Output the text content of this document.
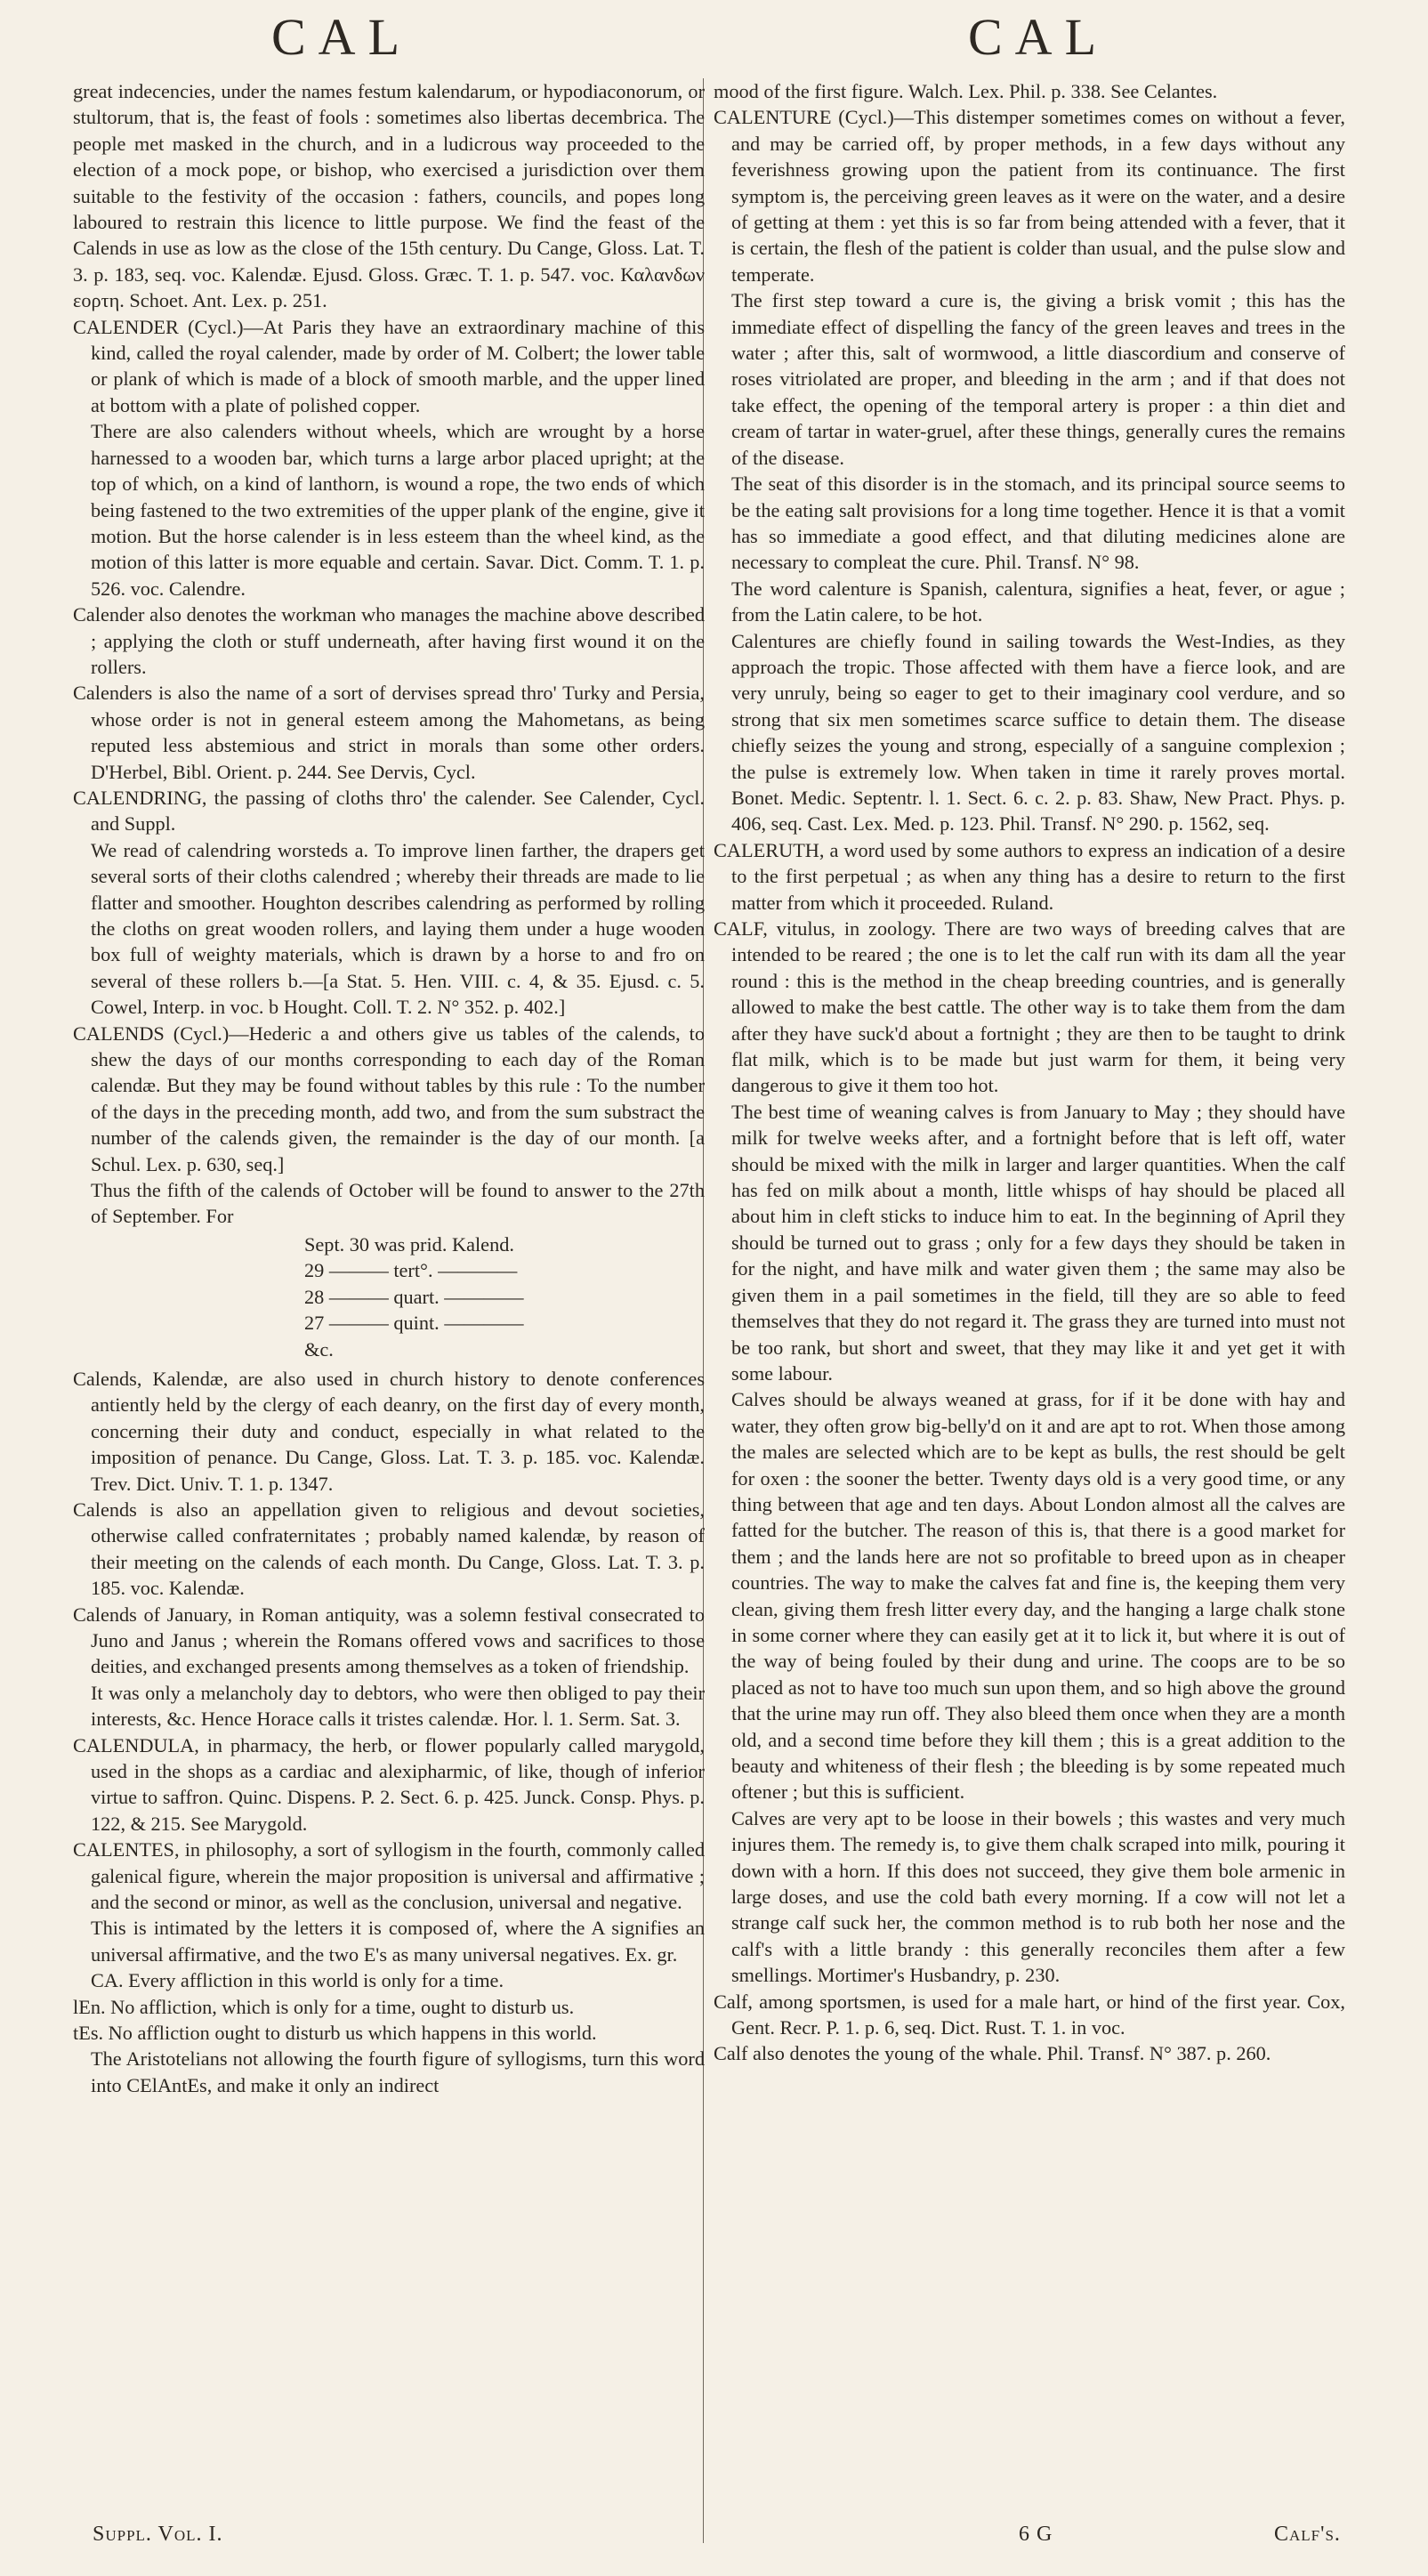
CAL	CAL

great indecencies, under the names festum kalendarum, or hypodiaconorum, or stultorum, that is, the feast of fools : sometimes also libertas decembrica. The people met masked in the church, and in a ludicrous way proceeded to the election of a mock pope, or bishop, who exercised a jurisdiction over them suitable to the festivity of the occasion : fathers, councils, and popes long laboured to restrain this licence to little purpose. We find the feast of the Calends in use as low as the close of the 15th century. Du Cange, Gloss. Lat. T. 3. p. 183, seq. voc. Kalendæ. Ejusd. Gloss. Græc. T. 1. p. 547. voc. Καλανδων εορτη. Schoet. Ant. Lex. p. 251.

CALENDER (Cycl.)—At Paris they have an extraordinary machine of this kind, called the royal calender, made by order of M. Colbert; the lower table or plank of which is made of a block of smooth marble, and the upper lined at bottom with a plate of polished copper.

There are also calenders without wheels, which are wrought by a horse harnessed to a wooden bar, which turns a large arbor placed upright; at the top of which, on a kind of lanthorn, is wound a rope, the two ends of which being fastened to the two extremities of the upper plank of the engine, give it motion. But the horse calender is in less esteem than the wheel kind, as the motion of this latter is more equable and certain. Savar. Dict. Comm. T. 1. p. 526. voc. Calendre.

Calender also denotes the workman who manages the machine above described ; applying the cloth or stuff underneath, after having first wound it on the rollers.

Calenders is also the name of a sort of dervises spread thro' Turky and Persia, whose order is not in general esteem among the Mahometans, as being reputed less abstemious and strict in morals than some other orders. D'Herbel, Bibl. Orient. p. 244. See Dervis, Cycl.

CALENDRING, the passing of cloths thro' the calender. See Calender, Cycl. and Suppl.

We read of calendring worsteds a. To improve linen farther, the drapers get several sorts of their cloths calendred ; whereby their threads are made to lie flatter and smoother. Houghton describes calendring as performed by rolling the cloths on great wooden rollers, and laying them under a huge wooden box full of weighty materials, which is drawn by a horse to and fro on several of these rollers b.—[a Stat. 5. Hen. VIII. c. 4, & 35. Ejusd. c. 5. Cowel, Interp. in voc. b Hought. Coll. T. 2. N° 352. p. 402.]

CALENDS (Cycl.)—Hederic a and others give us tables of the calends, to shew the days of our months corresponding to each day of the Roman calendæ. But they may be found without tables by this rule : To the number of the days in the preceding month, add two, and from the sum substract the number of the calends given, the remainder is the day of our month. [a Schul. Lex. p. 630, seq.]

Thus the fifth of the calends of October will be found to answer to the 27th of September. For

Sept. 30 was prid. Kalend.
29 ——— tert°. ————
28 ——— quart. ————
27 ——— quint. ————
&c.

Calends, Kalendæ, are also used in church history to denote conferences antiently held by the clergy of each deanry, on the first day of every month, concerning their duty and conduct, especially in what related to the imposition of penance. Du Cange, Gloss. Lat. T. 3. p. 185. voc. Kalendæ. Trev. Dict. Univ. T. 1. p. 1347.

Calends is also an appellation given to religious and devout societies, otherwise called confraternitates ; probably named kalendæ, by reason of their meeting on the calends of each month. Du Cange, Gloss. Lat. T. 3. p. 185. voc. Kalendæ.

Calends of January, in Roman antiquity, was a solemn festival consecrated to Juno and Janus ; wherein the Romans offered vows and sacrifices to those deities, and exchanged presents among themselves as a token of friendship.

It was only a melancholy day to debtors, who were then obliged to pay their interests, &c. Hence Horace calls it tristes calendæ. Hor. l. 1. Serm. Sat. 3.

CALENDULA, in pharmacy, the herb, or flower popularly called marygold, used in the shops as a cardiac and alexipharmic, of like, though of inferior virtue to saffron. Quinc. Dispens. P. 2. Sect. 6. p. 425. Junck. Consp. Phys. p. 122, & 215. See Marygold.

CALENTES, in philosophy, a sort of syllogism in the fourth, commonly called galenical figure, wherein the major proposition is universal and affirmative ; and the second or minor, as well as the conclusion, universal and negative.

This is intimated by the letters it is composed of, where the A signifies an universal affirmative, and the two E's as many universal negatives. Ex. gr.

CA. Every affliction in this world is only for a time.

lEn. No affliction, which is only for a time, ought to disturb us.

tEs. No affliction ought to disturb us which happens in this world.

The Aristotelians not allowing the fourth figure of syllogisms, turn this word into CElAntEs, and make it only an indirect

mood of the first figure. Walch. Lex. Phil. p. 338. See Celantes.

CALENTURE (Cycl.)—This distemper sometimes comes on without a fever, and may be carried off, by proper methods, in a few days without any feverishness growing upon the patient from its continuance. The first symptom is, the perceiving green leaves as it were on the water, and a desire of getting at them : yet this is so far from being attended with a fever, that it is certain, the flesh of the patient is colder than usual, and the pulse slow and temperate.

The first step toward a cure is, the giving a brisk vomit ; this has the immediate effect of dispelling the fancy of the green leaves and trees in the water ; after this, salt of wormwood, a little diascordium and conserve of roses vitriolated are proper, and bleeding in the arm ; and if that does not take effect, the opening of the temporal artery is proper : a thin diet and cream of tartar in water-gruel, after these things, generally cures the remains of the disease.

The seat of this disorder is in the stomach, and its principal source seems to be the eating salt provisions for a long time together. Hence it is that a vomit has so immediate a good effect, and that diluting medicines alone are necessary to compleat the cure. Phil. Transf. N° 98.

The word calenture is Spanish, calentura, signifies a heat, fever, or ague ; from the Latin calere, to be hot.

Calentures are chiefly found in sailing towards the West-Indies, as they approach the tropic. Those affected with them have a fierce look, and are very unruly, being so eager to get to their imaginary cool verdure, and so strong that six men sometimes scarce suffice to detain them. The disease chiefly seizes the young and strong, especially of a sanguine complexion ; the pulse is extremely low. When taken in time it rarely proves mortal. Bonet. Medic. Septentr. l. 1. Sect. 6. c. 2. p. 83. Shaw, New Pract. Phys. p. 406, seq. Cast. Lex. Med. p. 123. Phil. Transf. N° 290. p. 1562, seq.

CALERUTH, a word used by some authors to express an indication of a desire to the first perpetual ; as when any thing has a desire to return to the first matter from which it proceeded. Ruland.

CALF, vitulus, in zoology. There are two ways of breeding calves that are intended to be reared ; the one is to let the calf run with its dam all the year round : this is the method in the cheap breeding countries, and is generally allowed to make the best cattle. The other way is to take them from the dam after they have suck'd about a fortnight ; they are then to be taught to drink flat milk, which is to be made but just warm for them, it being very dangerous to give it them too hot.

The best time of weaning calves is from January to May ; they should have milk for twelve weeks after, and a fortnight before that is left off, water should be mixed with the milk in larger and larger quantities. When the calf has fed on milk about a month, little whisps of hay should be placed all about him in cleft sticks to induce him to eat. In the beginning of April they should be turned out to grass ; only for a few days they should be taken in for the night, and have milk and water given them ; the same may also be given them in a pail sometimes in the field, till they are so able to feed themselves that they do not regard it. The grass they are turned into must not be too rank, but short and sweet, that they may like it and yet get it with some labour.

Calves should be always weaned at grass, for if it be done with hay and water, they often grow big-belly'd on it and are apt to rot. When those among the males are selected which are to be kept as bulls, the rest should be gelt for oxen : the sooner the better. Twenty days old is a very good time, or any thing between that age and ten days. About London almost all the calves are fatted for the butcher. The reason of this is, that there is a good market for them ; and the lands here are not so profitable to breed upon as in cheaper countries. The way to make the calves fat and fine is, the keeping them very clean, giving them fresh litter every day, and the hanging a large chalk stone in some corner where they can easily get at it to lick it, but where it is out of the way of being fouled by their dung and urine. The coops are to be so placed as not to have too much sun upon them, and so high above the ground that the urine may run off. They also bleed them once when they are a month old, and a second time before they kill them ; this is a great addition to the beauty and whiteness of their flesh ; the bleeding is by some repeated much oftener ; but this is sufficient.

Calves are very apt to be loose in their bowels ; this wastes and very much injures them. The remedy is, to give them chalk scraped into milk, pouring it down with a horn. If this does not succeed, they give them bole armenic in large doses, and use the cold bath every morning. If a cow will not let a strange calf suck her, the common method is to rub both her nose and the calf's with a little brandy : this generally reconciles them after a few smellings. Mortimer's Husbandry, p. 230.

Calf, among sportsmen, is used for a male hart, or hind of the first year. Cox, Gent. Recr. P. 1. p. 6, seq. Dict. Rust. T. 1. in voc.

Calf also denotes the young of the whale. Phil. Transf. N° 387. p. 260.

Suppl. Vol. I.	6 G	Calf's.
